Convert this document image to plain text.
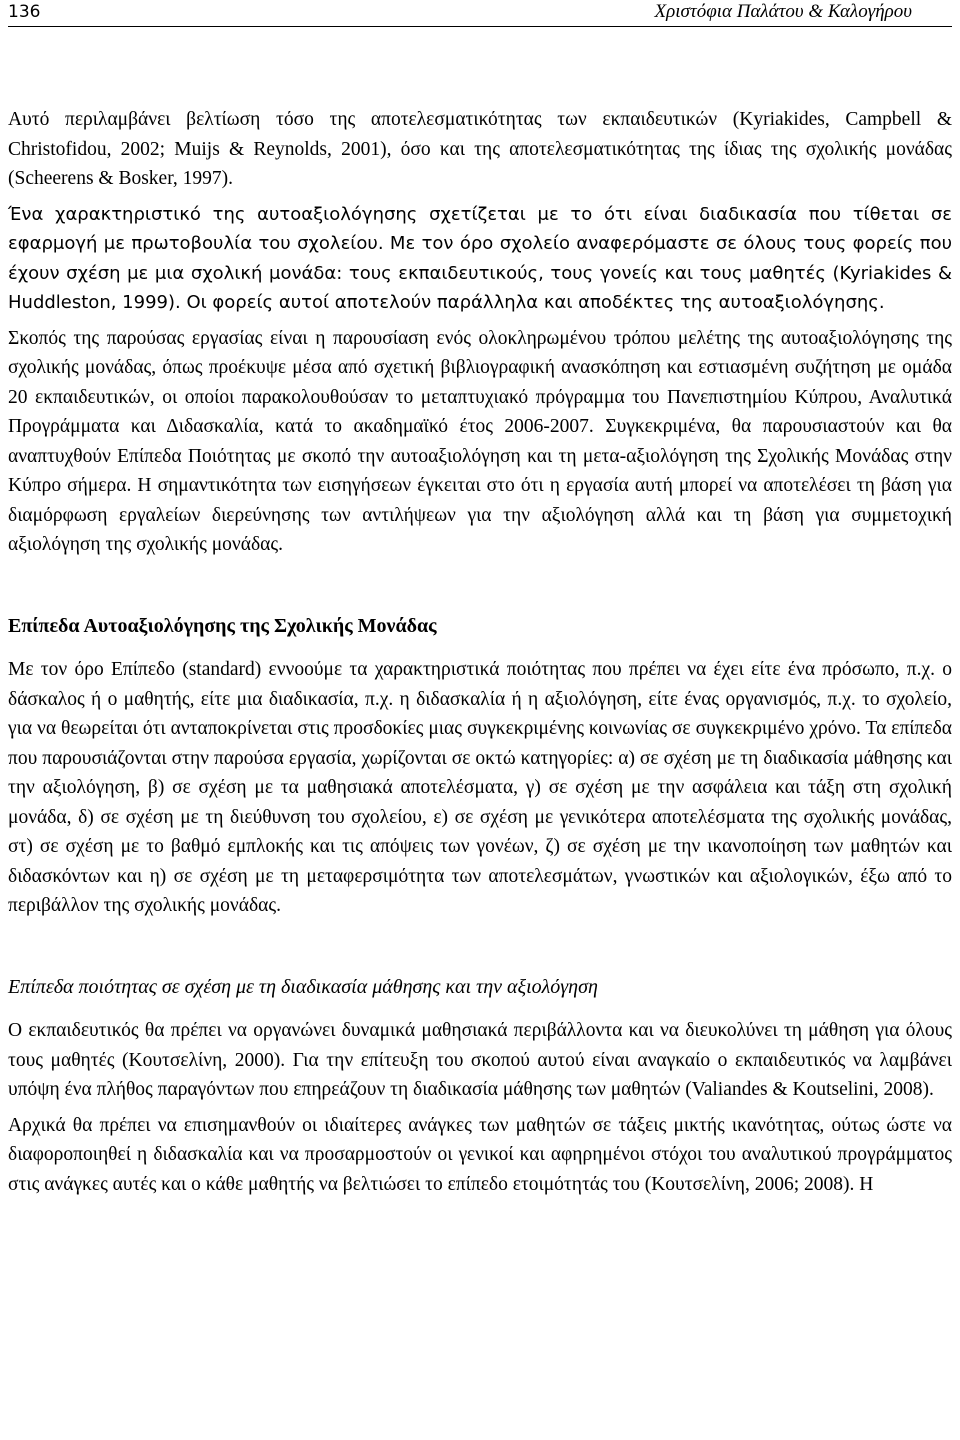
136	Χριστόφια Παλάτου & Καλογήρου

Αυτό περιλαμβάνει βελτίωση τόσο της αποτελεσματικότητας των εκπαιδευτικών (Kyriakides, Campbell & Christofidou, 2002; Muijs & Reynolds, 2001), όσο και της αποτελεσματικότητας της ίδιας της σχολικής μονάδας (Scheerens & Bosker, 1997).

Ένα χαρακτηριστικό της αυτοαξιολόγησης σχετίζεται με το ότι είναι διαδικασία που τίθεται σε εφαρμογή με πρωτοβουλία του σχολείου. Με τον όρο σχολείο αναφερόμαστε σε όλους τους φορείς που έχουν σχέση με μια σχολική μονάδα: τους εκπαιδευτικούς, τους γονείς και τους μαθητές (Kyriakides & Huddleston, 1999). Οι φορείς αυτοί αποτελούν παράλληλα και αποδέκτες της αυτοαξιολόγησης.

Σκοπός της παρούσας εργασίας είναι η παρουσίαση ενός ολοκληρωμένου τρόπου μελέτης της αυτοαξιολόγησης της σχολικής μονάδας, όπως προέκυψε μέσα από σχετική βιβλιογραφική ανασκόπηση και εστιασμένη συζήτηση με ομάδα 20 εκπαιδευτικών, οι οποίοι παρακολουθούσαν το μεταπτυχιακό πρόγραμμα του Πανεπιστημίου Κύπρου, Αναλυτικά Προγράμματα και Διδασκαλία, κατά το ακαδημαϊκό έτος 2006-2007. Συγκεκριμένα, θα παρουσιαστούν και θα αναπτυχθούν Επίπεδα Ποιότητας με σκοπό την αυτοαξιολόγηση και τη μετα-αξιολόγηση της Σχολικής Μονάδας στην Κύπρο σήμερα. Η σημαντικότητα των εισηγήσεων έγκειται στο ότι η εργασία αυτή μπορεί να αποτελέσει τη βάση για διαμόρφωση εργαλείων διερεύνησης των αντιλήψεων για την αξιολόγηση αλλά και τη βάση για συμμετοχική αξιολόγηση της σχολικής μονάδας.

Επίπεδα Αυτοαξιολόγησης της Σχολικής Μονάδας

Με τον όρο Επίπεδο (standard) εννοούμε τα χαρακτηριστικά ποιότητας που πρέπει να έχει είτε ένα πρόσωπο, π.χ. ο δάσκαλος ή ο μαθητής, είτε μια διαδικασία, π.χ. η διδασκαλία ή η αξιολόγηση, είτε ένας οργανισμός, π.χ. το σχολείο, για να θεωρείται ότι ανταποκρίνεται στις προσδοκίες μιας συγκεκριμένης κοινωνίας σε συγκεκριμένο χρόνο. Τα επίπεδα που παρουσιάζονται στην παρούσα εργασία, χωρίζονται σε οκτώ κατηγορίες: α) σε σχέση με τη διαδικασία μάθησης και την αξιολόγηση, β) σε σχέση με τα μαθησιακά αποτελέσματα, γ) σε σχέση με την ασφάλεια και τάξη στη σχολική μονάδα, δ) σε σχέση με τη διεύθυνση του σχολείου, ε) σε σχέση με γενικότερα αποτελέσματα της σχολικής μονάδας, στ) σε σχέση με το βαθμό εμπλοκής και τις απόψεις των γονέων, ζ) σε σχέση με την ικανοποίηση των μαθητών και διδασκόντων και η) σε σχέση με τη μεταφερσιμότητα των αποτελεσμάτων, γνωστικών και αξιολογικών, έξω από το περιβάλλον της σχολικής μονάδας.

Επίπεδα ποιότητας σε σχέση με τη διαδικασία μάθησης και την αξιολόγηση

Ο εκπαιδευτικός θα πρέπει να οργανώνει δυναμικά μαθησιακά περιβάλλοντα και να διευκολύνει τη μάθηση για όλους τους μαθητές (Κουτσελίνη, 2000). Για την επίτευξη του σκοπού αυτού είναι αναγκαίο ο εκπαιδευτικός να λαμβάνει υπόψη ένα πλήθος παραγόντων που επηρεάζουν τη διαδικασία μάθησης των μαθητών (Valiandes & Koutselini, 2008).

Αρχικά θα πρέπει να επισημανθούν οι ιδιαίτερες ανάγκες των μαθητών σε τάξεις μικτής ικανότητας, ούτως ώστε να διαφοροποιηθεί η διδασκαλία και να προσαρμοστούν οι γενικοί και αφηρημένοι στόχοι του αναλυτικού προγράμματος στις ανάγκες αυτές και ο κάθε μαθητής να βελτιώσει το επίπεδο ετοιμότητάς του (Κουτσελίνη, 2006; 2008). Η
